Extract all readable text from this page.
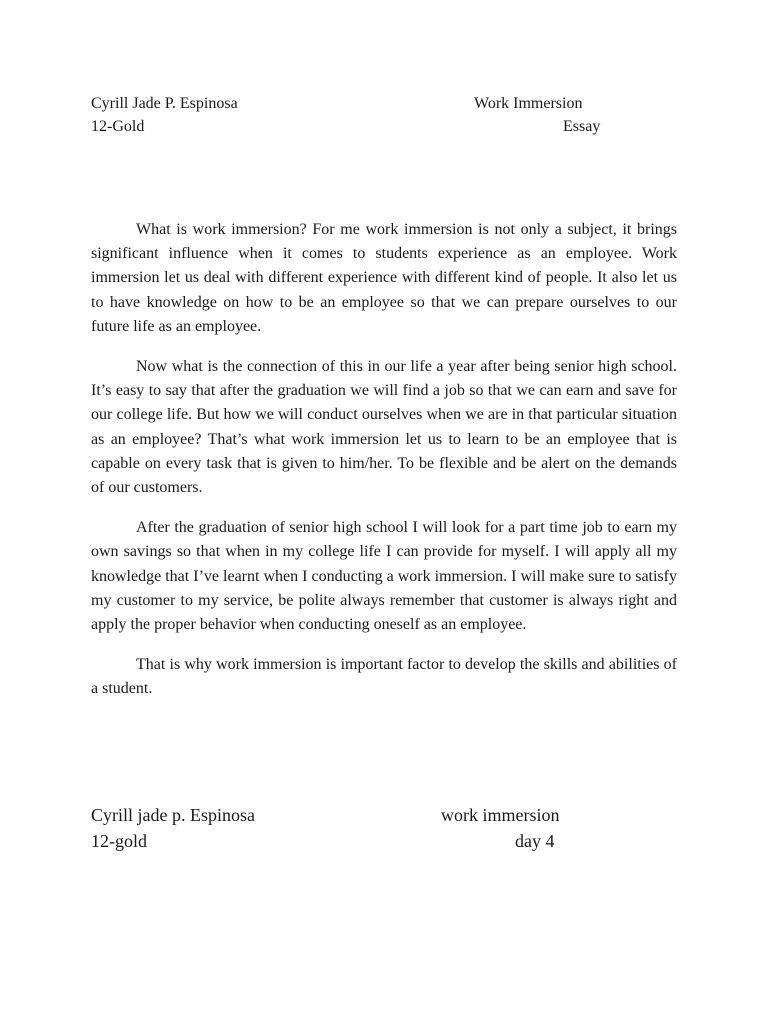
Cyrill Jade P. Espinosa
12-Gold
Work Immersion
Essay

What is work immersion? For me work immersion is not only a subject, it brings significant influence when it comes to students experience as an employee. Work immersion let us deal with different experience with different kind of people. It also let us to have knowledge on how to be an employee so that we can prepare ourselves to our future life as an employee.

Now what is the connection of this in our life a year after being senior high school. It’s easy to say that after the graduation we will find a job so that we can earn and save for our college life. But how we will conduct ourselves when we are in that particular situation as an employee? That’s what work immersion let us to learn to be an employee that is capable on every task that is given to him/her. To be flexible and be alert on the demands of our customers.

After the graduation of senior high school I will look for a part time job to earn my own savings so that when in my college life I can provide for myself. I will apply all my knowledge that I’ve learnt when I conducting a work immersion. I will make sure to satisfy my customer to my service, be polite always remember that customer is always right and apply the proper behavior when conducting oneself as an employee.

That is why work immersion is important factor to develop the skills and abilities of a student.

Cyrill jade p. Espinosa
12-gold
work immersion
day 4
